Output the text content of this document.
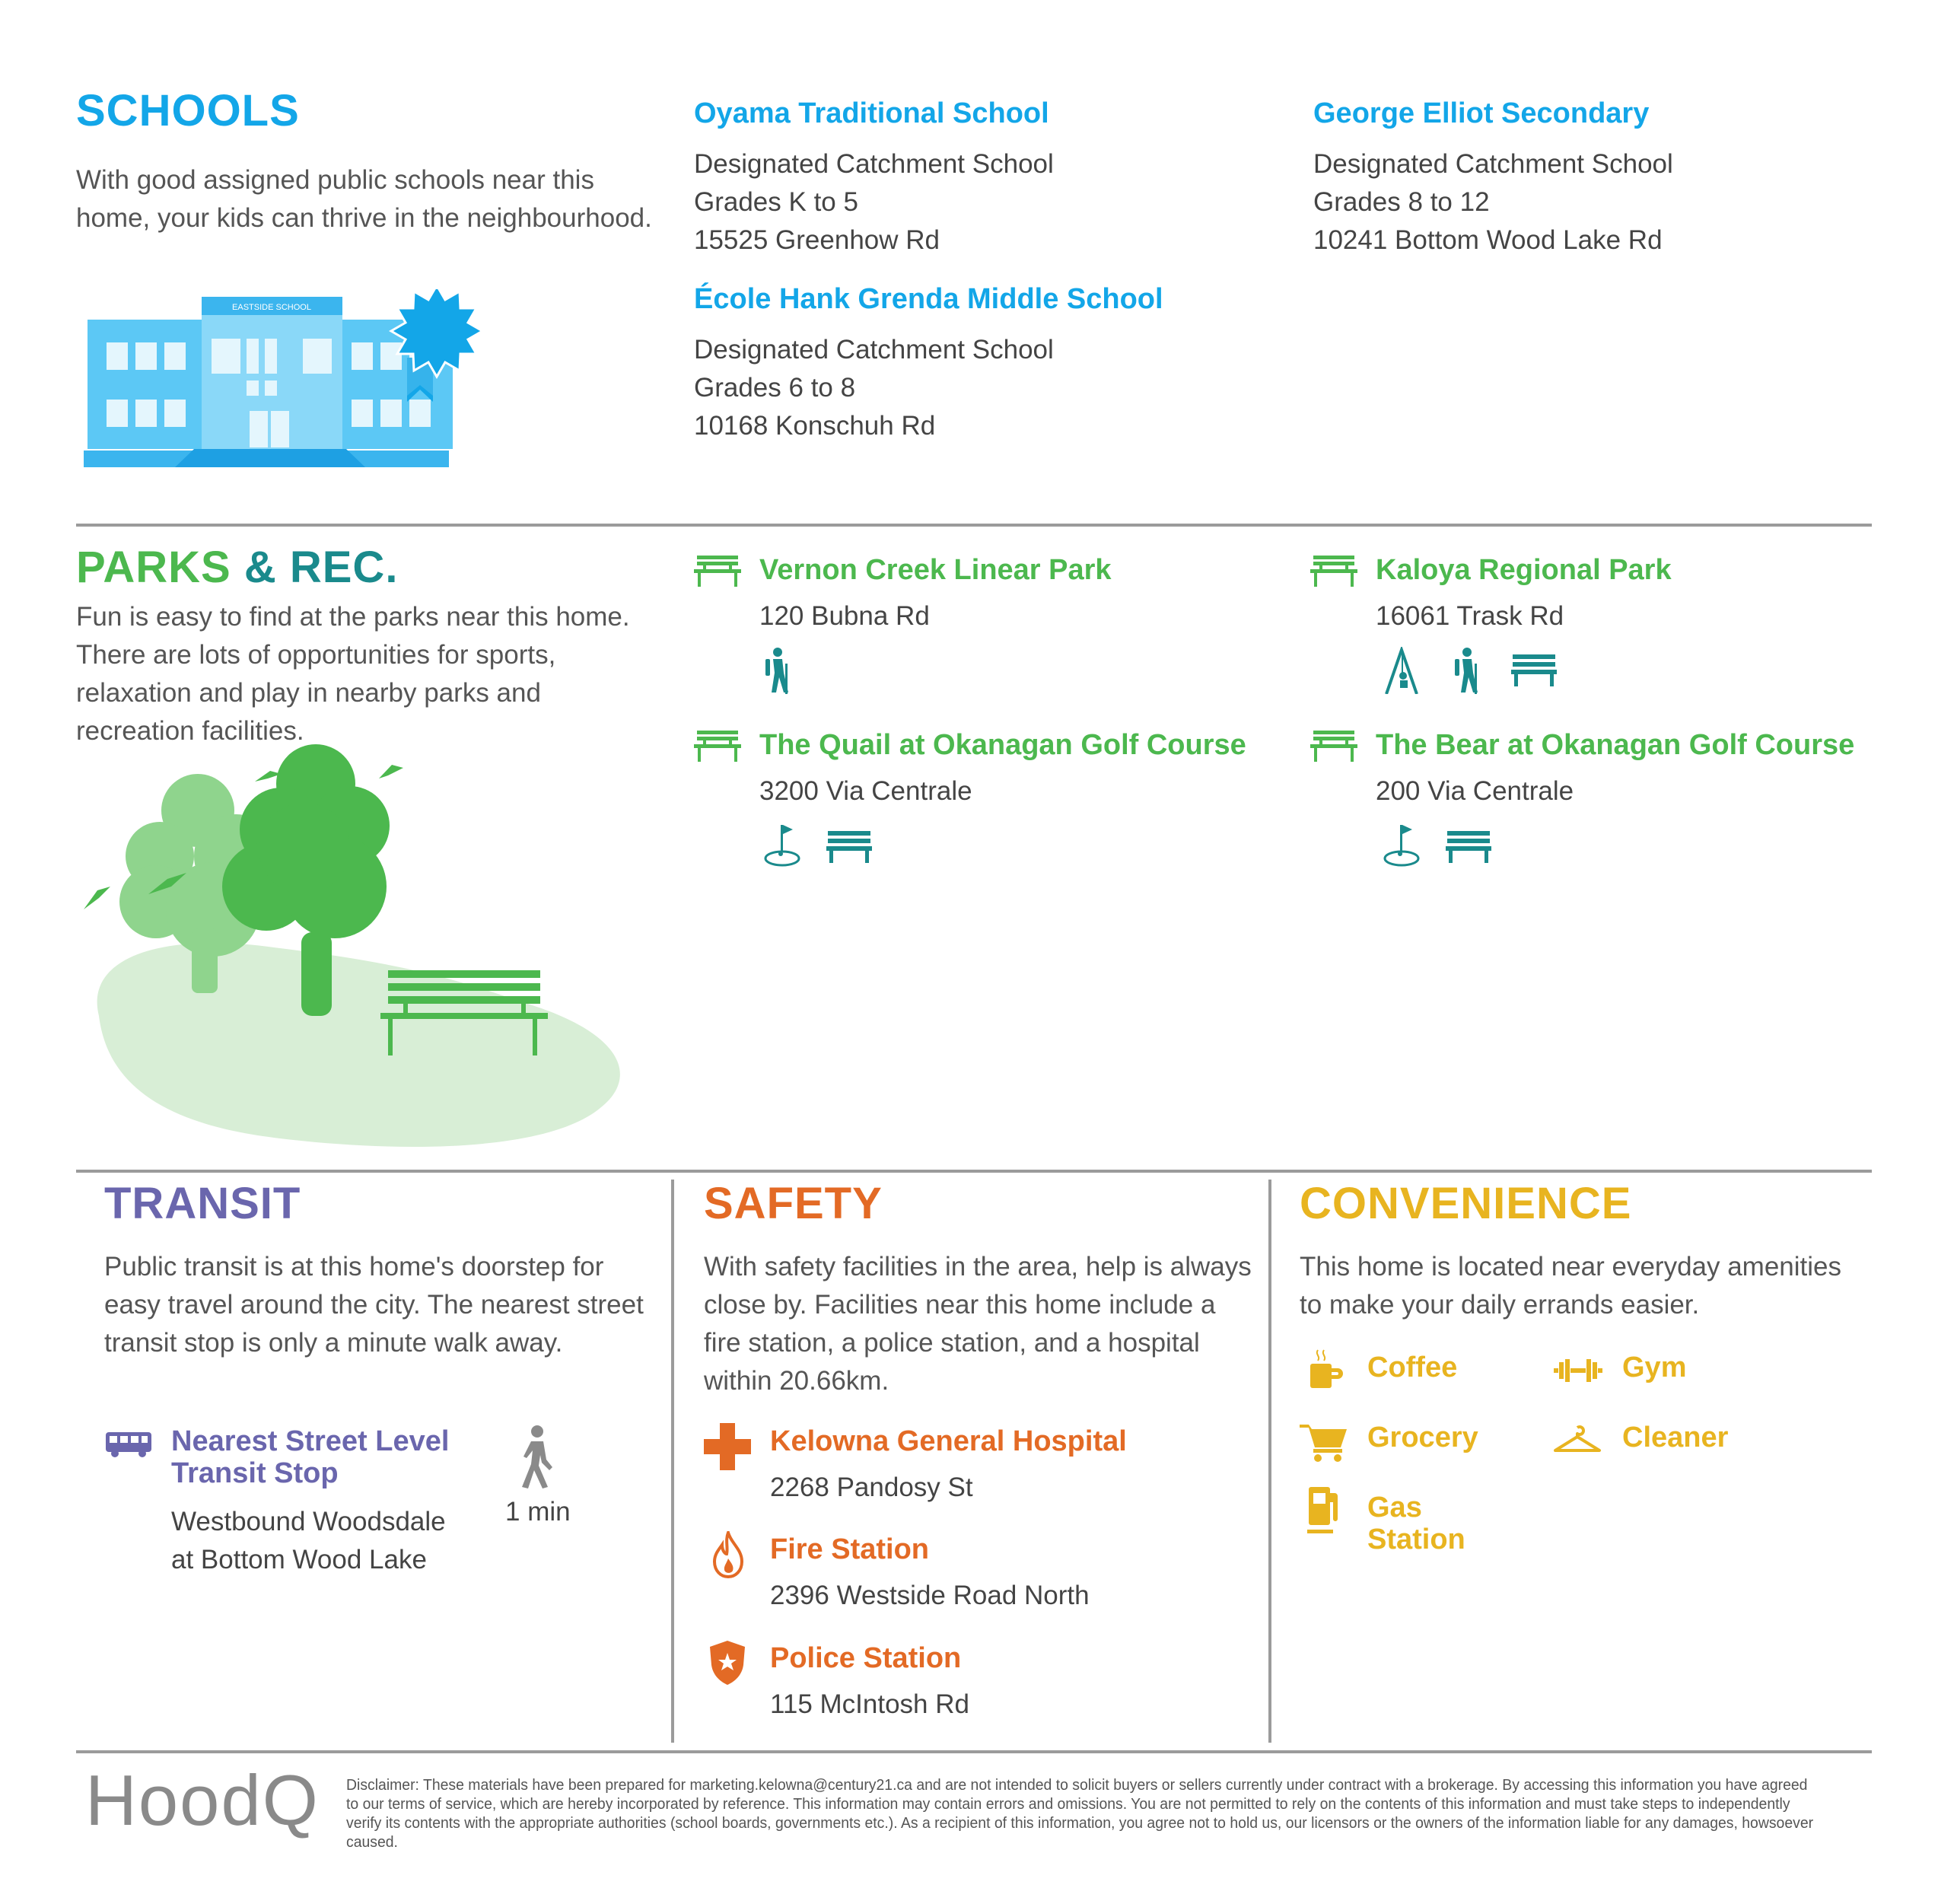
SCHOOLS
With good assigned public schools near this home, your kids can thrive in the neighbourhood.
EASTSIDE SCHOOL
Oyama Traditional School
Designated Catchment School
Grades K to 5
15525 Greenhow Rd
George Elliot Secondary
Designated Catchment School
Grades 8 to 12
10241 Bottom Wood Lake Rd
École Hank Grenda Middle School
Designated Catchment School
Grades 6 to 8
10168 Konschuh Rd
PARKS & REC.
Fun is easy to find at the parks near this home. There are lots of opportunities for sports, relaxation and play in nearby parks and recreation facilities.
Vernon Creek Linear Park
120 Bubna Rd
Kaloya Regional Park
16061 Trask Rd
The Quail at Okanagan Golf Course
3200 Via Centrale
The Bear at Okanagan Golf Course
200 Via Centrale
TRANSIT
Public transit is at this home's doorstep for easy travel around the city. The nearest street transit stop is only a minute walk away.
Nearest Street Level
Transit Stop
Westbound Woodsdale
at Bottom Wood Lake
1 min
SAFETY
With safety facilities in the area, help is always close by. Facilities near this home include a fire station, a police station, and a hospital within 20.66km.
Kelowna General Hospital
2268 Pandosy St
Fire Station
2396 Westside Road North
Police Station
115 McIntosh Rd
CONVENIENCE
This home is located near everyday amenities to make your daily errands easier.
Coffee	Gym
Grocery	Cleaner
Gas
Station
HoodQ Disclaimer: These materials have been prepared for marketing.kelowna@century21.ca and are not intended to solicit buyers or sellers currently under contract with a brokerage. By accessing this information you have agreed to our terms of service, which are hereby incorporated by reference. This information may contain errors and omissions. You are not permitted to rely on the contents of this information and must take steps to independently verify its contents with the appropriate authorities (school boards, governments etc.). As a recipient of this information, you agree not to hold us, our licensors or the owners of the information liable for any damages, howsoever caused.
